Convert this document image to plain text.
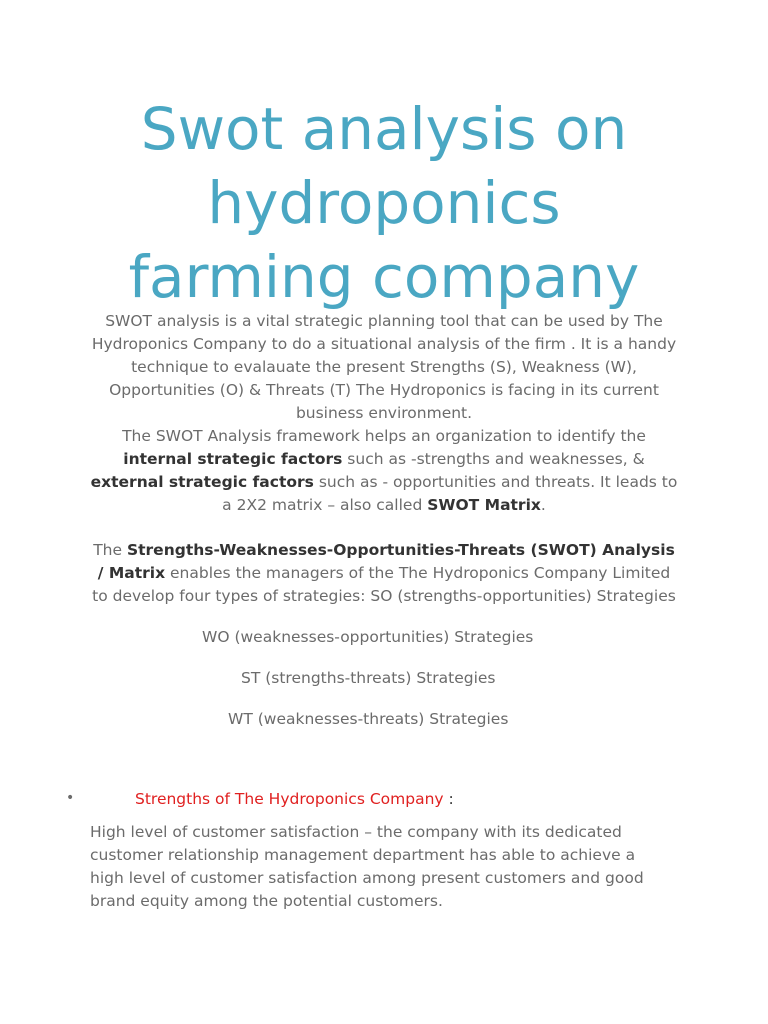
Swot analysis on
hydroponics
farming company

SWOT analysis is a vital strategic planning tool that can be used by The Hydroponics Company to do a situational analysis of the firm . It is a handy technique to evalauate the present Strengths (S), Weakness (W), Opportunities (O) & Threats (T) The Hydroponics is facing in its current business environment.

The SWOT Analysis framework helps an organization to identify the internal strategic factors such as -strengths and weaknesses, & external strategic factors such as - opportunities and threats. It leads to a 2X2 matrix – also called SWOT Matrix.

The Strengths-Weaknesses-Opportunities-Threats (SWOT) Analysis / Matrix enables the managers of the The Hydroponics Company Limited to develop four types of strategies: SO (strengths-opportunities) Strategies

WO (weaknesses-opportunities) Strategies

ST (strengths-threats) Strategies

WT (weaknesses-threats) Strategies

•	Strengths of The Hydroponics Company :

High level of customer satisfaction – the company with its dedicated customer relationship management department has able to achieve a high level of customer satisfaction among present customers and good brand equity among the potential customers.
